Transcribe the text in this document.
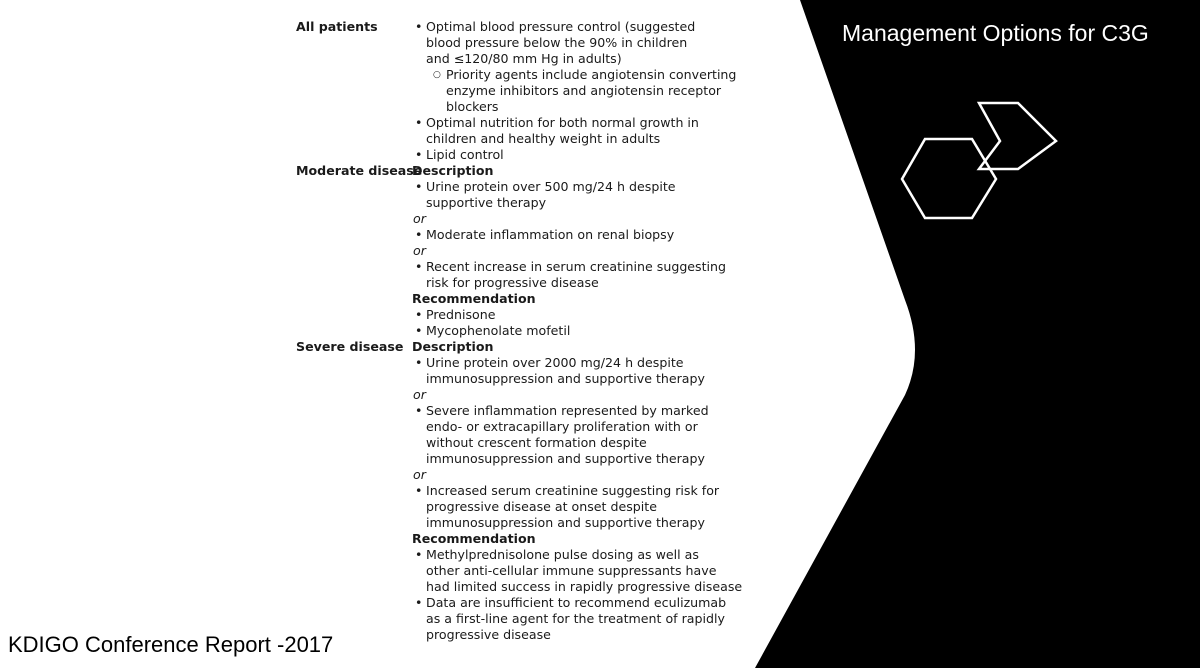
Management Options for C3G
All patients	• Optimal blood pressure control (suggested
blood pressure below the 90% in children
and ≤120/80 mm Hg in adults)
○ Priority agents include angiotensin converting
enzyme inhibitors and angiotensin receptor
blockers
• Optimal nutrition for both normal growth in
children and healthy weight in adults
• Lipid control
Moderate disease
Description
• Urine protein over 500 mg/24 h despite
supportive therapy
or
• Moderate inflammation on renal biopsy
or
• Recent increase in serum creatinine suggesting
risk for progressive disease
Recommendation
• Prednisone
• Mycophenolate mofetil
Severe disease Description
• Urine protein over 2000 mg/24 h despite
immunosuppression and supportive therapy
or
• Severe inflammation represented by marked
endo- or extracapillary proliferation with or
without crescent formation despite
immunosuppression and supportive therapy
or
• Increased serum creatinine suggesting risk for
progressive disease at onset despite
immunosuppression and supportive therapy
Recommendation
• Methylprednisolone pulse dosing as well as
other anti-cellular immune suppressants have
had limited success in rapidly progressive disease
• Data are insufficient to recommend eculizumab
as a first-line agent for the treatment of rapidly
progressive disease
KDIGO Conference Report -2017
